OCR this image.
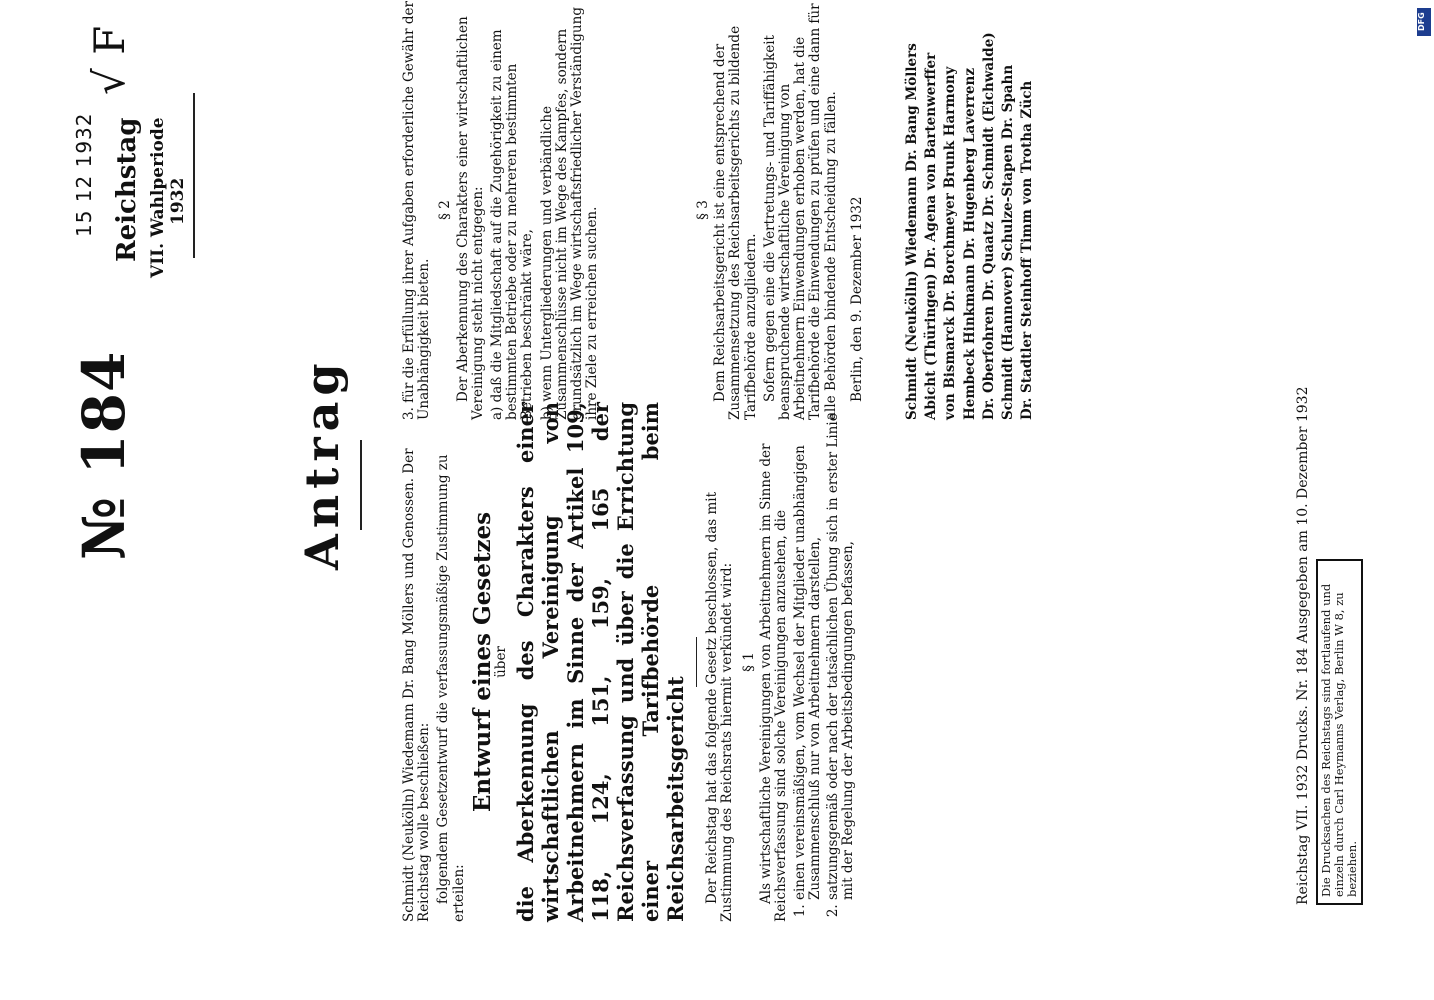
№ 184	Antrag
15 12 1932
√ F
Reichstag VII. Wahlperiode 1932

Schmidt (Neukölln) Wiedemann Dr. Bang Möllers und Genossen. Der Reichstag wolle beschließen: folgendem Gesetzentwurf die verfassungsmäßige Zustimmung zu erteilen:

Entwurf eines Gesetzes

über die Aberkennung des Charakters einer wirtschaftlichen Vereinigung von Arbeitnehmern im Sinne der Artikel 109, 118, 124, 151, 159, 165 der Reichsverfassung und über die Errichtung einer Tarifbehörde beim Reichsarbeitsgericht Der Reichstag hat das folgende Gesetz beschlossen, das mit Zustimmung des Reichsrats hiermit verkündet wird: § 1 Als wirtschaftliche Vereinigungen von Arbeitnehmern im Sinne der Reichsverfassung sind solche Vereinigungen anzusehen, die 1. einen vereinsmäßigen, vom Wechsel der Mitglieder unabhängigen Zusammenschluß nur von Arbeitnehmern darstellen, 2. satzungsgemäß oder nach der tatsächlichen Übung sich in erster Linie mit der Regelung der Arbeitsbedingungen befassen,

3. für die Erfüllung ihrer Aufgaben erforderliche Gewähr der Unabhängigkeit bieten.

§ 2 Der Aberkennung des Charakters einer wirtschaftlichen Vereinigung steht nicht entgegen: a) daß die Mitgliedschaft auf die Zugehörigkeit zu einem bestimmten Betriebe oder zu mehreren bestimmten Betrieben beschränkt wäre, b) wenn Untergliederungen und verbändliche Zusammenschlüsse nicht im Wege des Kampfes, sondern grundsätzlich im Wege wirtschaftsfriedlicher Verständigung ihre Ziele zu erreichen suchen.	§ 3 Dem Reichsarbeitsgericht ist eine entsprechend der Zusammensetzung des Reichsarbeitsgerichts zu bildende Tarifbehörde anzugliedern. Sofern gegen eine die Vertretungs- und Tariffähigkeit beanspruchende wirtschaftliche Vereinigung von Arbeitnehmern Einwendungen erhoben werden, hat die Tarifbehörde die Einwendungen zu prüfen und eine dann für alle Behörden bindende Entscheidung zu fällen. Berlin, den 9. Dezember 1932	Schmidt (Neukölln) Wiedemann Dr. Bang Möllers Abicht (Thüringen) Dr. Agena von Bartenwerffer von Bismarck Dr. Borchmeyer Brunk Harmony Hembeck Hinkmann Dr. Hugenberg Laverrenz Dr. Oberfohren Dr. Quaatz Dr. Schmidt (Eichwalde) Schmidt (Hannover) Schulze-Stapen Dr. Spahn Dr. Stadtler Steinhoff Timm von Trotha Züch

Reichstag VII. 1932 Drucks. Nr. 184 Ausgegeben am 10. Dezember 1932 Die Drucksachen des Reichstags sind fortlaufend und einzeln durch Carl Heymanns Verlag, Berlin W 8, zu beziehen.
DFG
